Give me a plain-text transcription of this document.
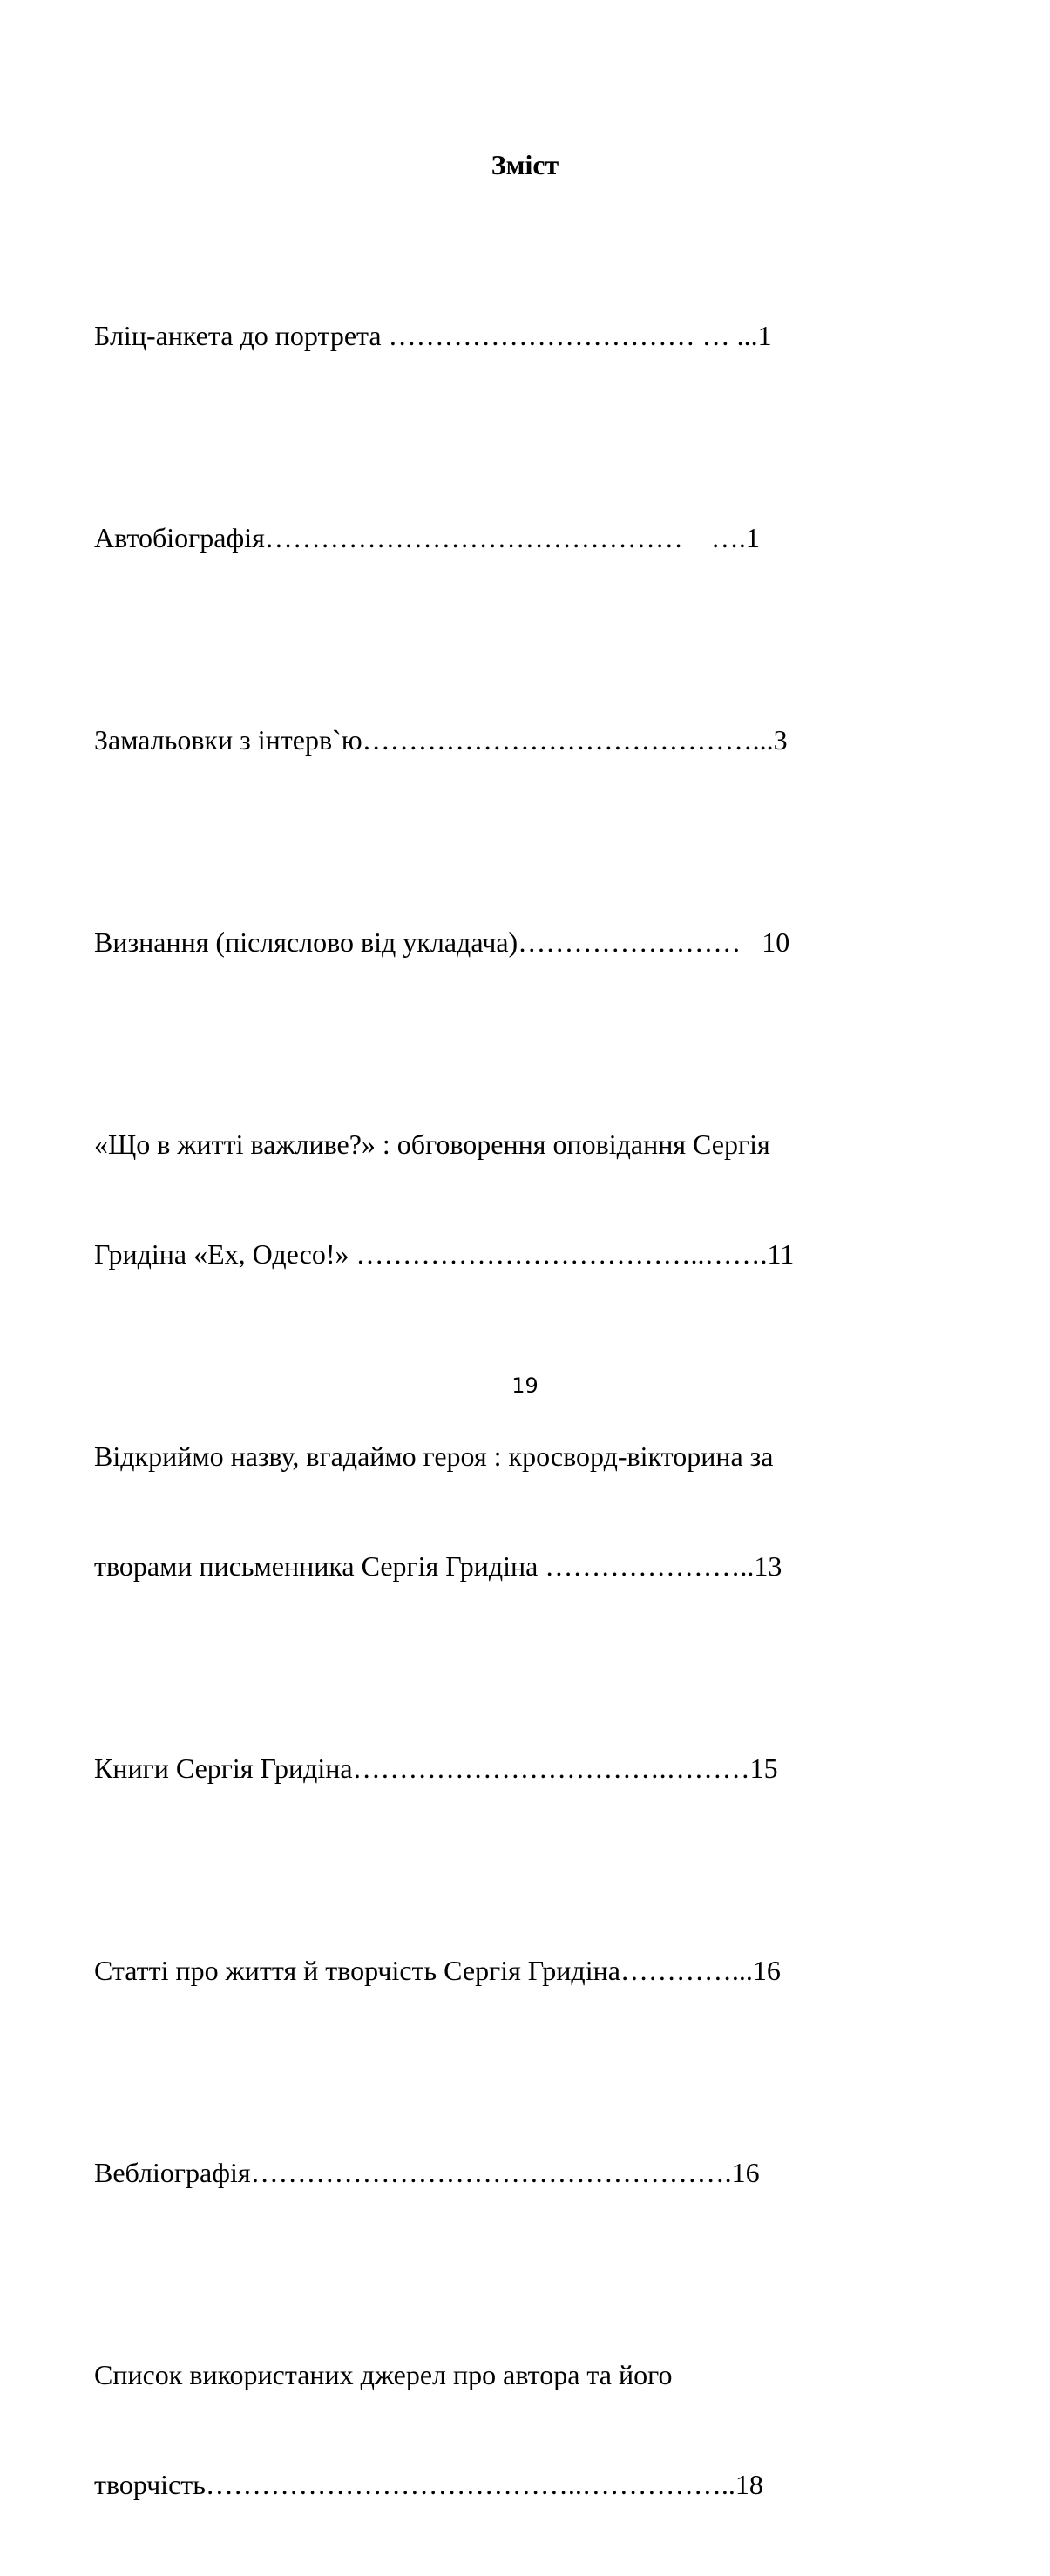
Зміст

Бліц-анкета до портрета …………………………… … ...1

Автобіографія………………………………………    ….1

Замальовки з інтерв`ю……………………………………...3

Визнання (післяслово від укладача)……………………   10

«Що в житті важливе?» : обговорення оповідання Сергія

Гридіна «Ех, Одесо!» ………………………………..…….11

Відкриймо назву, вгадаймо героя : кросворд-вікторина за

творами письменника Сергія Гридіна …………………..13

Книги Сергія Гридіна…………………………….………15

Статті про життя й творчість Сергія Гридіна…………...16

Вебліографія…………………………………………….16

Список використаних джерел про автора та його

творчість…………………………………..……………..18

19
